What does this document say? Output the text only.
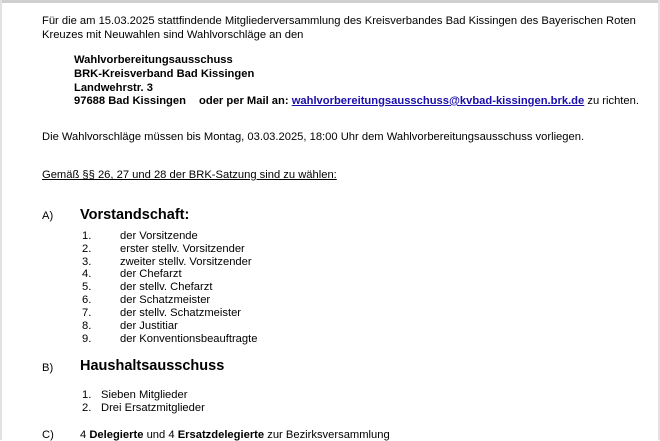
Für die am 15.03.2025 stattfindende Mitgliederversammlung des Kreisverbandes Bad Kissingen des Bayerischen Roten
Kreuzes mit Neuwahlen sind Wahlvorschläge an den
Wahlvorbereitungsausschuss
BRK-Kreisverband Bad Kissingen
Landwehrstr. 3
97688 Bad Kissingen oder per Mail an: wahlvorbereitungsausschuss@kvbad-kissingen.brk.de zu richten.
Die Wahlvorschläge müssen bis Montag, 03.03.2025, 18:00 Uhr dem Wahlvorbereitungsausschuss vorliegen.
Gemäß §§ 26, 27 und 28 der BRK-Satzung sind zu wählen:
A) Vorstandschaft:
1.	der Vorsitzende
2.	erster stellv. Vorsitzender
3.	zweiter stellv. Vorsitzender
4.	der Chefarzt
5.	der stellv. Chefarzt
6.	der Schatzmeister
7.	der stellv. Schatzmeister
8.	der Justitiar
9.	der Konventionsbeauftragte
B) Haushaltsausschuss
1. Sieben Mitglieder
2. Drei Ersatzmitglieder
C) 4 Delegierte und 4 Ersatzdelegierte zur Bezirksversammlung
